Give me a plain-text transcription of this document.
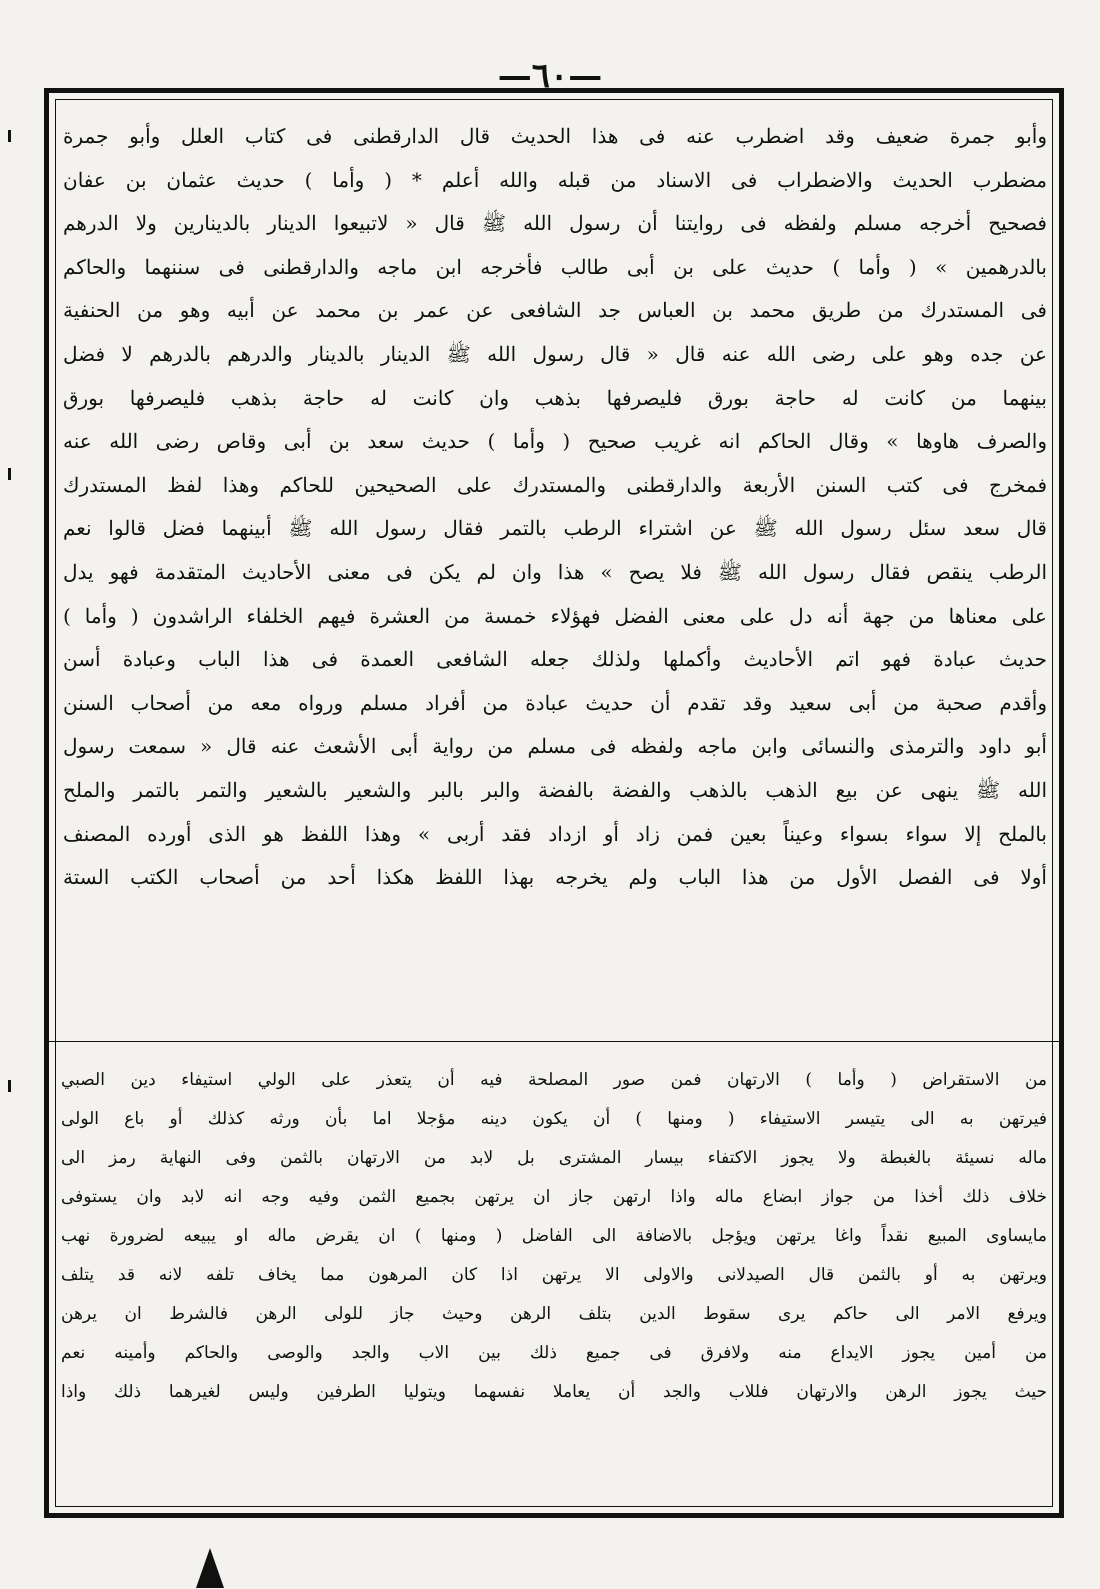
—٦٠—

وأبو جمرة ضعيف وقد اضطرب عنه فى هذا الحديث قال الدارقطنى فى كتاب العلل وأبو جمرة

مضطرب الحديث والاضطراب فى الاسناد من قبله والله أعلم * ( وأما ) حديث عثمان بن عفان

فصحيح أخرجه مسلم ولفظه فى روايتنا أن رسول الله ﷺ قال « لاتبيعوا الدينار بالدينارين ولا الدرهم

بالدرهمين » ( وأما ) حديث على بن أبى طالب فأخرجه ابن ماجه والدارقطنى فى سننهما والحاكم

فى المستدرك من طريق محمد بن العباس جد الشافعى عن عمر بن محمد عن أبيه وهو من الحنفية

عن جده وهو على رضى الله عنه قال « قال رسول الله ﷺ الدينار بالدينار والدرهم بالدرهم لا فضل

بينهما من كانت له حاجة بورق فليصرفها بذهب وان كانت له حاجة بذهب فليصرفها بورق

والصرف هاوها » وقال الحاكم انه غريب صحيح ( وأما ) حديث سعد بن أبى وقاص رضى الله عنه

فمخرج فى كتب السنن الأربعة والدارقطنى والمستدرك على الصحيحين للحاكم وهذا لفظ المستدرك

قال سعد سئل رسول الله ﷺ عن اشتراء الرطب بالتمر فقال رسول الله ﷺ أبينهما فضل قالوا نعم

الرطب ينقص فقال رسول الله ﷺ فلا يصح » هذا وان لم يكن فى معنى الأحاديث المتقدمة فهو يدل

على معناها من جهة أنه دل على معنى الفضل فهؤلاء خمسة من العشرة فيهم الخلفاء الراشدون ( وأما )

حديث عبادة فهو اتم الأحاديث وأكملها ولذلك جعله الشافعى العمدة فى هذا الباب وعبادة أسن

وأقدم صحبة من أبى سعيد وقد تقدم أن حديث عبادة من أفراد مسلم ورواه معه من أصحاب السنن

أبو داود والترمذى والنسائى وابن ماجه ولفظه فى مسلم من رواية أبى الأشعث عنه قال « سمعت رسول

الله ﷺ ينهى عن بيع الذهب بالذهب والفضة بالفضة والبر بالبر والشعير بالشعير والتمر بالتمر والملح

بالملح إلا سواء بسواء وعيناً بعين فمن زاد أو ازداد فقد أربى » وهذا اللفظ هو الذى أورده المصنف

أولا فى الفصل الأول من هذا الباب ولم يخرجه بهذا اللفظ هكذا أحد من أصحاب الكتب الستة

من الاستقراض ( وأما ) الارتهان فمن صور المصلحة فيه أن يتعذر على الولي استيفاء دين الصبي

فيرتهن به الى يتيسر الاستيفاء ( ومنها ) أن يكون دينه مؤجلا اما بأن ورثه كذلك أو باع الولى

ماله نسيئة بالغبطة ولا يجوز الاكتفاء بيسار المشترى بل لابد من الارتهان بالثمن وفى النهاية رمز الى

خلاف ذلك أخذا من جواز ابضاع ماله واذا ارتهن جاز ان يرتهن بجميع الثمن وفيه وجه انه لابد وان يستوفى

مايساوى المبيع نقداً واغا يرتهن ويؤجل بالاضافة الى الفاضل ( ومنها ) ان يقرض ماله او يبيعه لضرورة نهب

ويرتهن به أو بالثمن قال الصيدلانى والاولى الا يرتهن اذا كان المرهون مما يخاف تلفه لانه قد يتلف

ويرفع الامر الى حاكم يرى سقوط الدين بتلف الرهن وحيث جاز للولى الرهن فالشرط ان يرهن

من أمين يجوز الايداع منه ولافرق فى جميع ذلك بين الاب والجد والوصى والحاكم وأمينه نعم

حيث يجوز الرهن والارتهان فللاب والجد أن يعاملا نفسهما ويتوليا الطرفين وليس لغيرهما ذلك واذا
